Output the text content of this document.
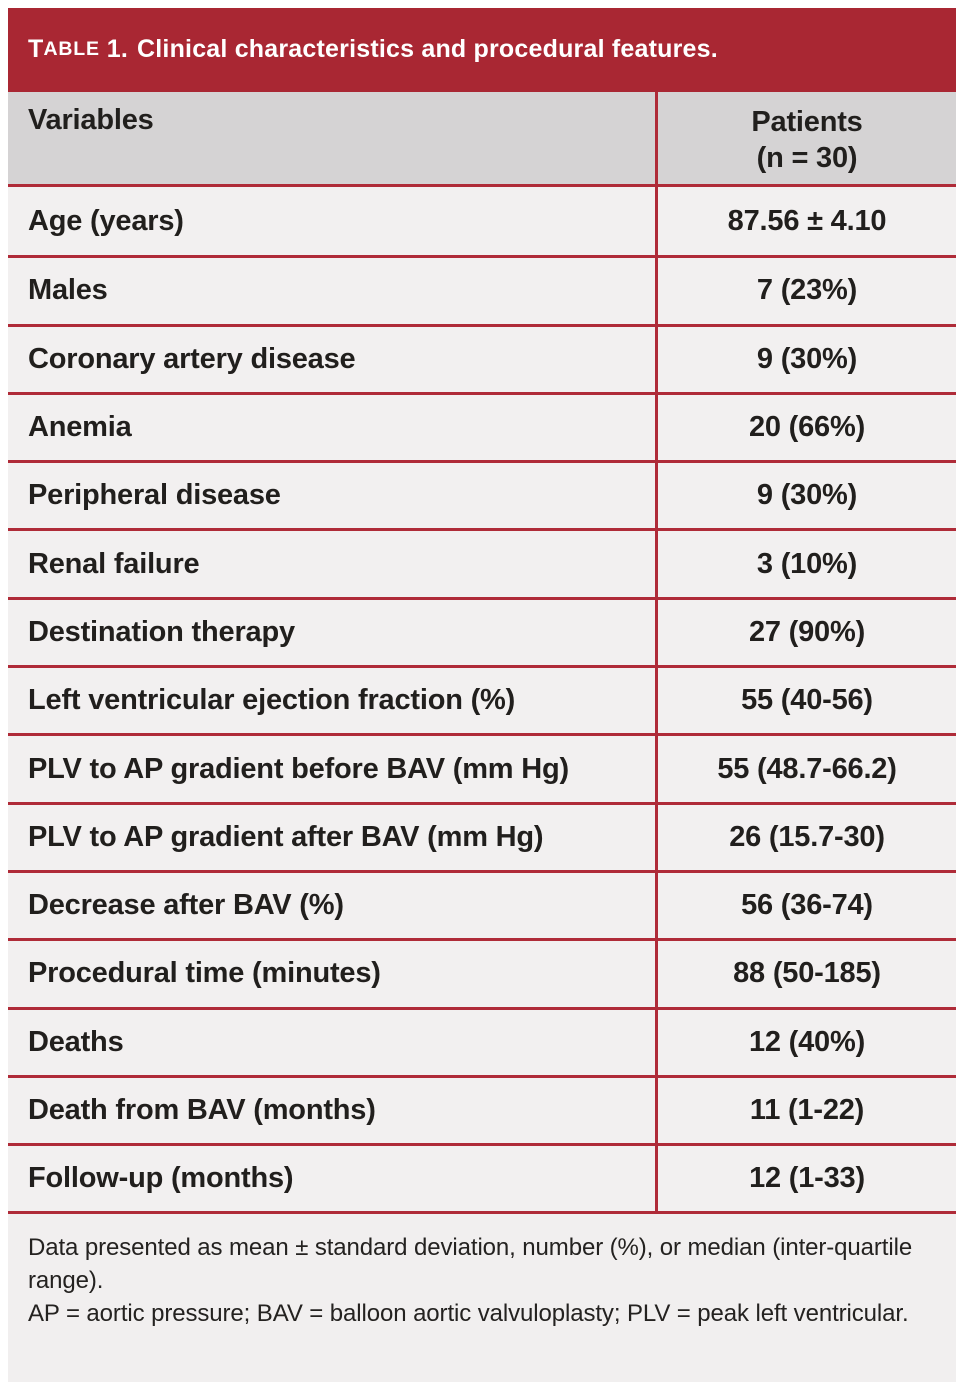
T ABLE 1. Clinical characteristics and procedural features.
Variables	Patients
(n = 30)
Age (years)	87.56 ± 4.10
Males	7 (23%)
Coronary artery disease	9 (30%)
Anemia	20 (66%)
Peripheral disease	9 (30%)
Renal failure	3 (10%)
Destination therapy	27 (90%)
Left ventricular ejection fraction (%)	55 (40-56)
PLV to AP gradient before BAV (mm Hg)	55 (48.7-66.2)
PLV to AP gradient after BAV (mm Hg)	26 (15.7-30)
Decrease after BAV (%)	56 (36-74)
Procedural time (minutes)	88 (50-185)
Deaths	12 (40%)
Death from BAV (months)	11 (1-22)
Follow-up (months)	12 (1-33)

Data presented as mean ± standard deviation, number (%), or median (inter-quartile range).

AP = aortic pressure; BAV = balloon aortic valvuloplasty; PLV = peak left ventricular.
